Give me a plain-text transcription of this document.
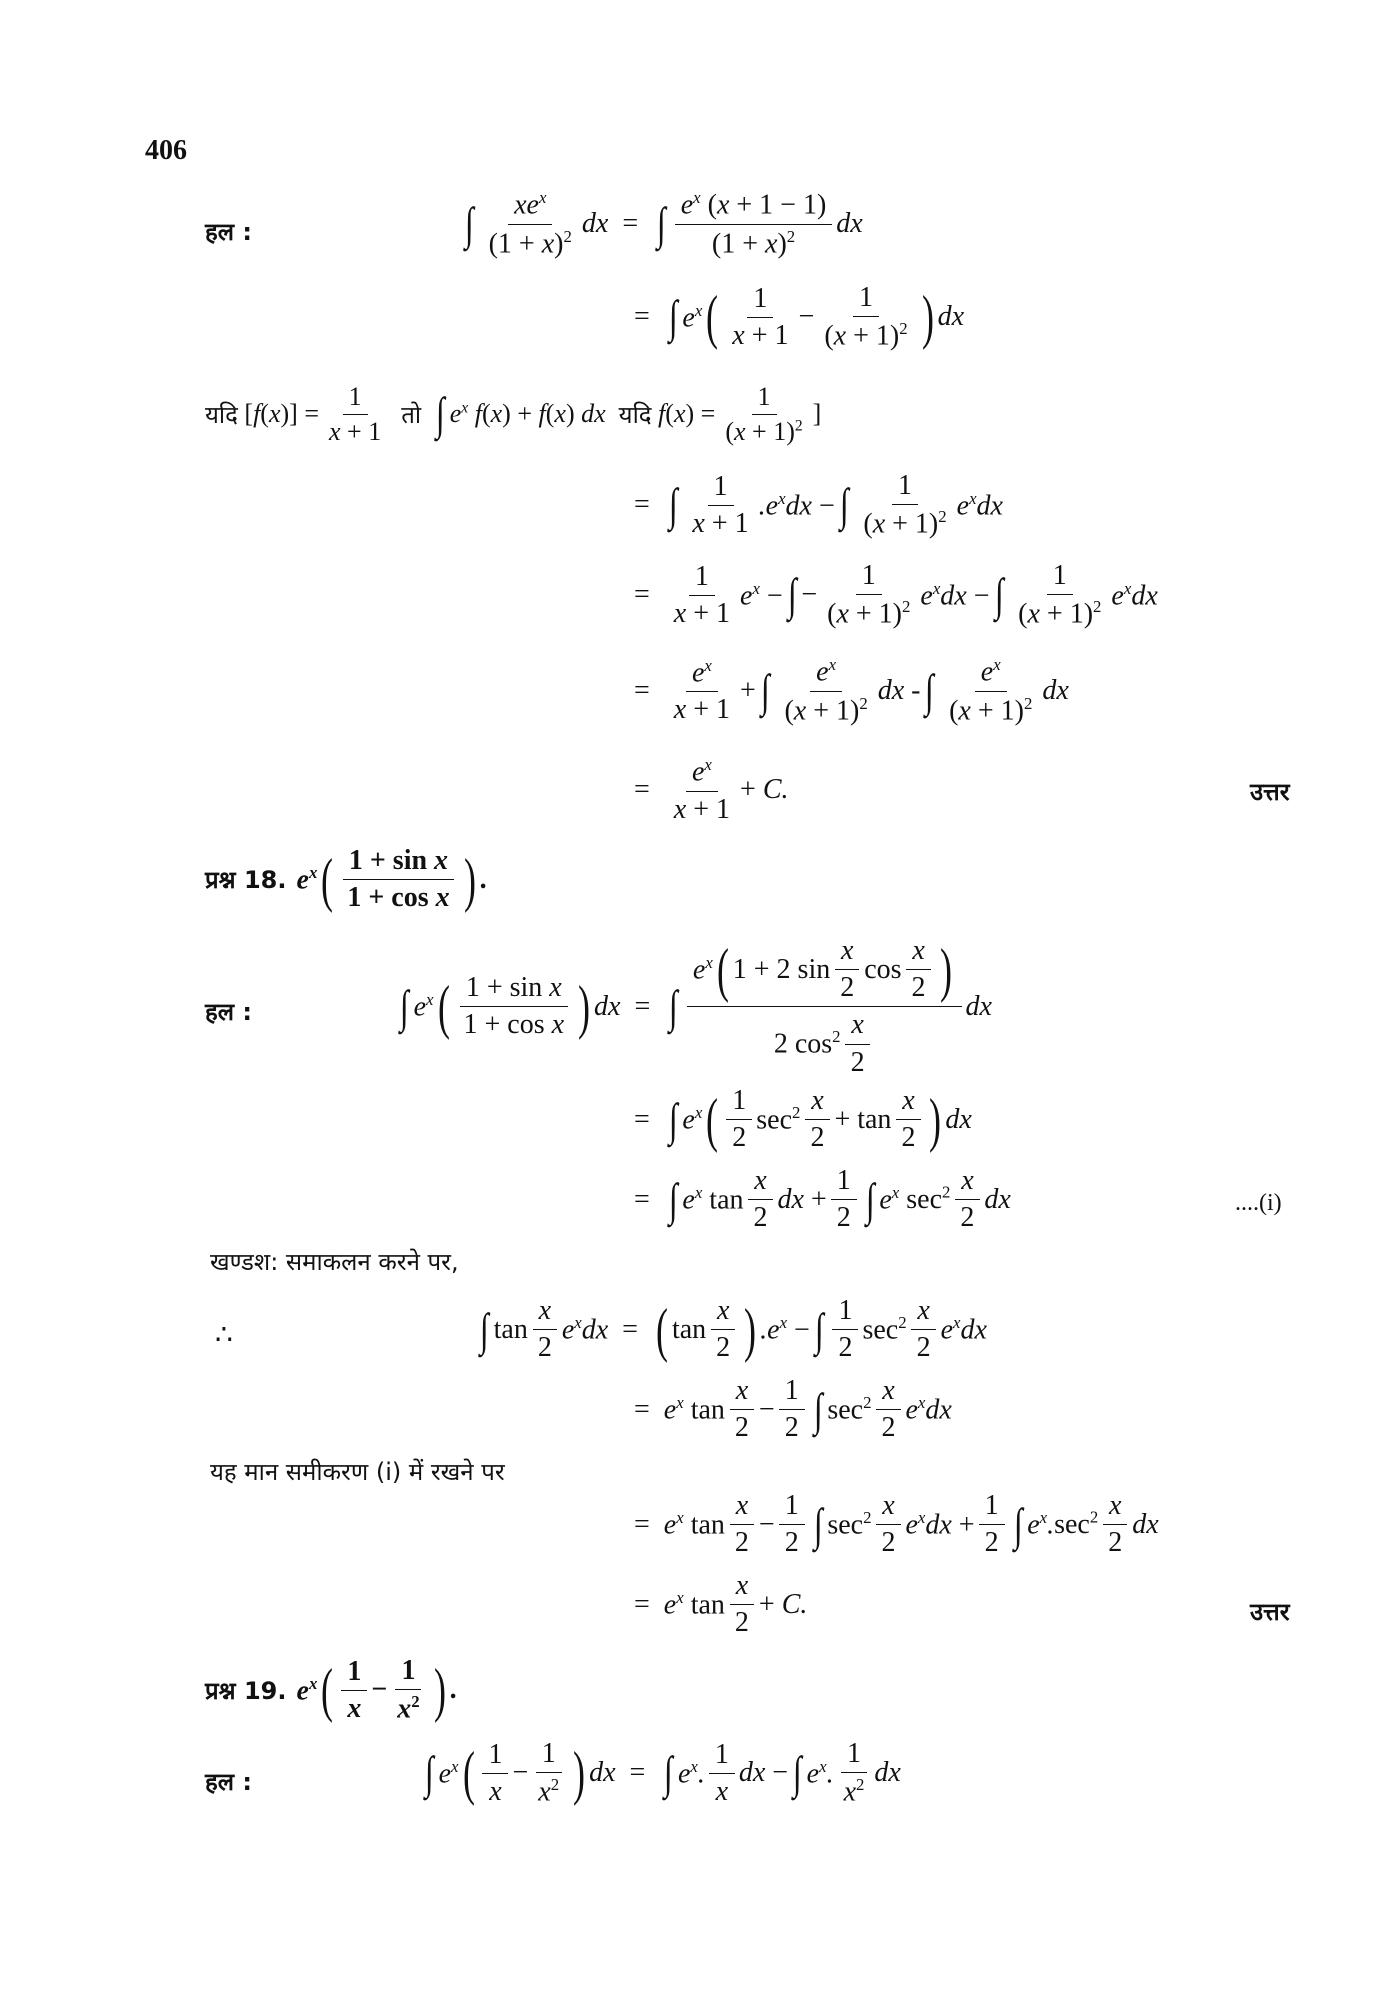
406
हल :	∫ $\frac{xe^x}{(1 + x)^2}$ dx = ∫ $\frac{e^x (x + 1 - 1)}{(1 + x)^2}$ dx
= ∫ $e^x$ ( $\frac{1}{x + 1} - \frac{1}{(x + 1)^2}$ ) dx
यदि [ f ( x )] = $\frac{1}{x + 1}$ तो ∫ $e^x$ f(x) + f(x) dx यदि $f(x) = \frac{1}{(x + 1)^2}$ ]
= ∫ $\frac{1}{x + 1} .e^xdx$ − ∫ $\frac{1}{(x + 1)^2} e^xdx$
= $\frac{1}{x + 1} e^x$ − ∫ − $\frac{1}{(x + 1)^2} e^xdx$ − ∫ $\frac{1}{(x + 1)^2} e^xdx$
= $\frac{e^x}{x + 1}$ + ∫ $\frac{e^x}{(x + 1)^2}$ dx - ∫ $\frac{e^x}{(x + 1)^2}$ dx
= $\frac{e^x}{x + 1} + C$.	उत्तर
प्रश्न 18. $e^x$ ( $\frac{\text{1 + sin x}}{\text{1 + cos x}}$ ) .
हल :	∫ $e^x$ ( $\frac{\text{1 + sin x}}{\text{1 + cos x}}$ ) dx = ∫ $\frac{e^x ( 1 + 2 \sin \frac{x}{2} \cos \frac{x}{2} )}{2 \cos^2 \frac{x}{2}}$ dx
= ∫ $e^x$ ( $\frac{1}{2} \sec^2 \frac{x}{2} + \tan \frac{x}{2}$ ) dx
= ∫ $e^x$ $\tan \frac{x}{2}$ dx + $\frac{1}{2}$ ∫ $e^x$ $\sec^2 \frac{x}{2}$ dx	....(i)
खण्डश: समाकलन करने पर,
∴	∫ $\tan \frac{x}{2} e^xdx$ = ( $\tan \frac{x}{2}$ ) $.e^x$ − ∫ $\frac{1}{2} \sec^2 \frac{x}{2} e^xdx$
= $e^x$ $\tan \frac{x}{2} - \frac{1}{2}$ ∫ $\sec^2 \frac{x}{2} e^xdx$
यह मान समीकरण (i) में रखने पर
= $e^x$ $\tan \frac{x}{2} - \frac{1}{2}$ ∫ $\sec^2 \frac{x}{2} e^xdx + \frac{1}{2}$ ∫ $e^x.\sec^2 \frac{x}{2}$ dx
= $e^x$ $\tan \frac{x}{2} + C$.	उत्तर
प्रश्न 19. $e^x$ ( $\frac{1}{x} - \frac{1}{x^2}$ ) .
हल :	∫ $e^x$ ( $\frac{1}{x} - \frac{1}{x^2}$ ) dx = ∫ $e^x$. $\frac{1}{x}$ dx − ∫ $e^x$. $\frac{1}{x^2}$ dx
